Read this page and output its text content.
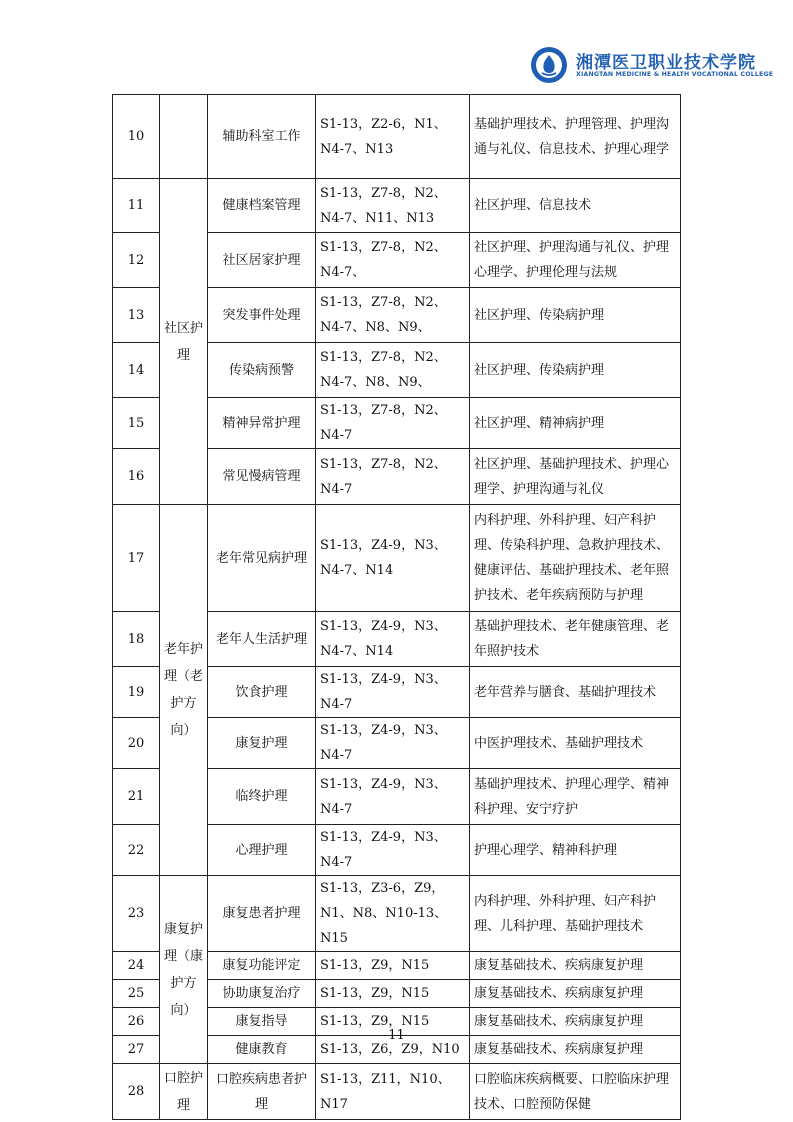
湘潭医卫职业技术学院
XIANGTAN MEDICINE & HEALTH VOCATIONAL COLLEGE
10		辅助科室工作	S1-13，Z2-6，N1、N4-7、N13	基础护理技术、护理管理、护理沟通与礼仪、信息技术、护理心理学
11	社区护理	健康档案管理	S1-13，Z7-8，N2、N4-7、N11、N13	社区护理、信息技术
12		社区居家护理	S1-13，Z7-8，N2、N4-7、	社区护理、护理沟通与礼仪、护理心理学、护理伦理与法规
13		突发事件处理	S1-13，Z7-8，N2、N4-7、N8、N9、	社区护理、传染病护理
14		传染病预警	S1-13，Z7-8，N2、N4-7、N8、N9、	社区护理、传染病护理
15		精神异常护理	S1-13，Z7-8，N2、N4-7	社区护理、精神病护理
16		常见慢病管理	S1-13，Z7-8，N2、N4-7	社区护理、基础护理技术、护理心理学、护理沟通与礼仪
17	老年护理（老护方向）	老年常见病护理	S1-13，Z4-9，N3、N4-7、N14	内科护理、外科护理、妇产科护理、传染科护理、急救护理技术、健康评估、基础护理技术、老年照护技术、老年疾病预防与护理
18		老年人生活护理	S1-13，Z4-9，N3、N4-7、N14	基础护理技术、老年健康管理、老年照护技术
19		饮食护理	S1-13，Z4-9，N3、N4-7	老年营养与膳食、基础护理技术
20		康复护理	S1-13，Z4-9，N3、N4-7	中医护理技术、基础护理技术
21		临终护理	S1-13，Z4-9，N3、N4-7	基础护理技术、护理心理学、精神科护理、安宁疗护
22		心理护理	S1-13，Z4-9，N3、N4-7	护理心理学、精神科护理
23	康复护理（康护方向）	康复患者护理	S1-13，Z3-6，Z9，N1、N8、N10-13、N15	内科护理、外科护理、妇产科护理、儿科护理、基础护理技术
24		康复功能评定	S1-13，Z9，N15	康复基础技术、疾病康复护理
25		协助康复治疗	S1-13，Z9，N15	康复基础技术、疾病康复护理
26		康复指导	S1-13，Z9，N15	康复基础技术、疾病康复护理
27		健康教育	S1-13，Z6，Z9，N10	康复基础技术、疾病康复护理
28	口腔护理	口腔疾病患者护理	S1-13，Z11，N10、N17	口腔临床疾病概要、口腔临床护理技术、口腔预防保健
11
